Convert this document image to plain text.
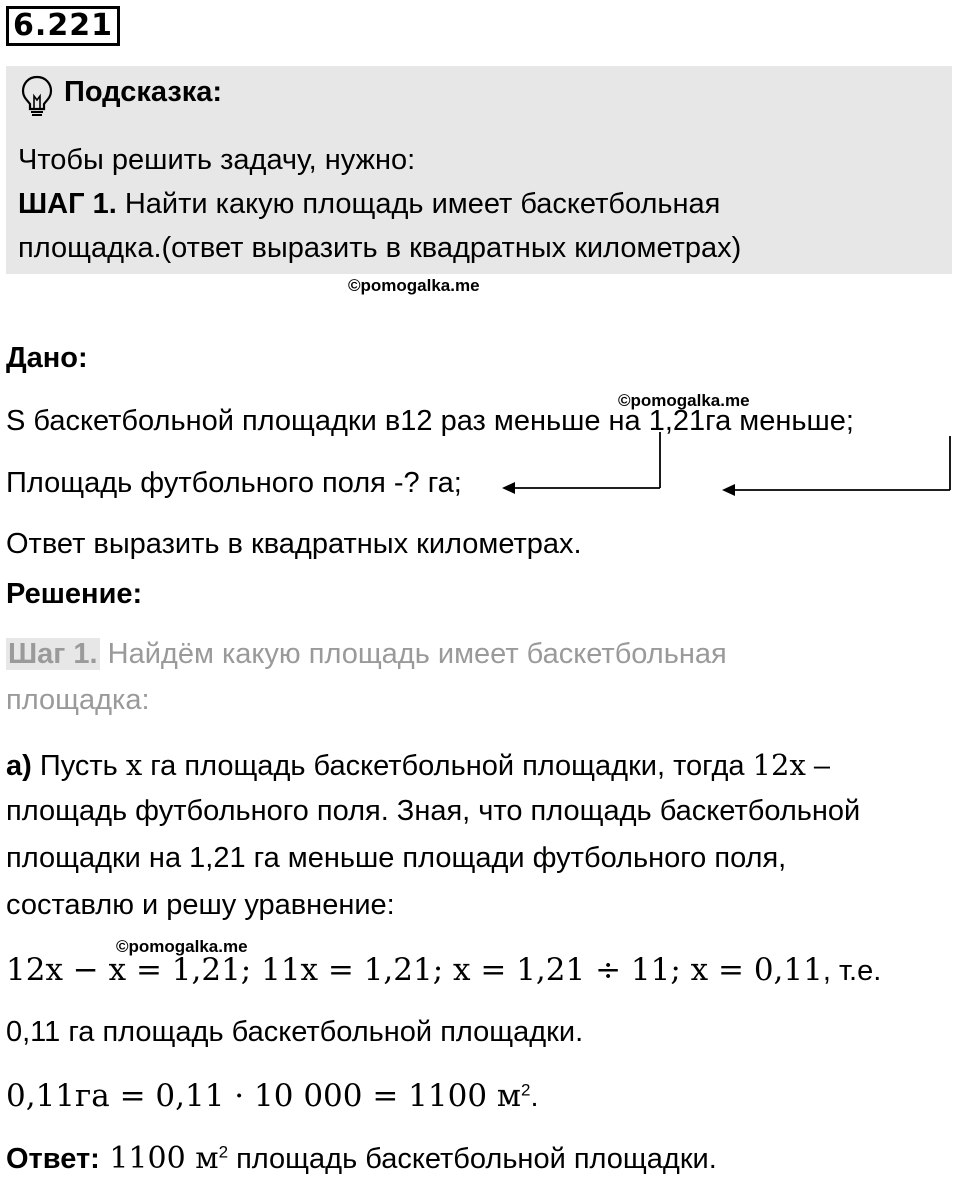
6.221
Подсказка:
Чтобы решить задачу, нужно:
ШАГ 1. Найти какую площадь имеет баскетбольная
площадка.(ответ выразить в квадратных километрах)
©pomogalka.me
Дано:
©pomogalka.me
S баскетбольной площадки в12 раз меньше на 1,21га меньше;
Площадь футбольного поля -? га;
Ответ выразить в квадратных километрах.
Решение:
Шаг 1. Найдём какую площадь имеет баскетбольная
площадка:
а) Пусть x га площадь баскетбольной площадки, тогда 12x –
площадь футбольного поля. Зная, что площадь баскетбольной
площадки на 1,21 га меньше площади футбольного поля,
составлю и решу уравнение:
©pomogalka.me
12x − x = 1,21; 11x = 1,21; x = 1,21 ÷ 11; x = 0,11, т.е.
0,11 га площадь баскетбольной площадки.
0,11га = 0,11 · 10 000 = 1100 $м^2$.
Ответ: 1100 $м^2$ площадь баскетбольной площадки.
